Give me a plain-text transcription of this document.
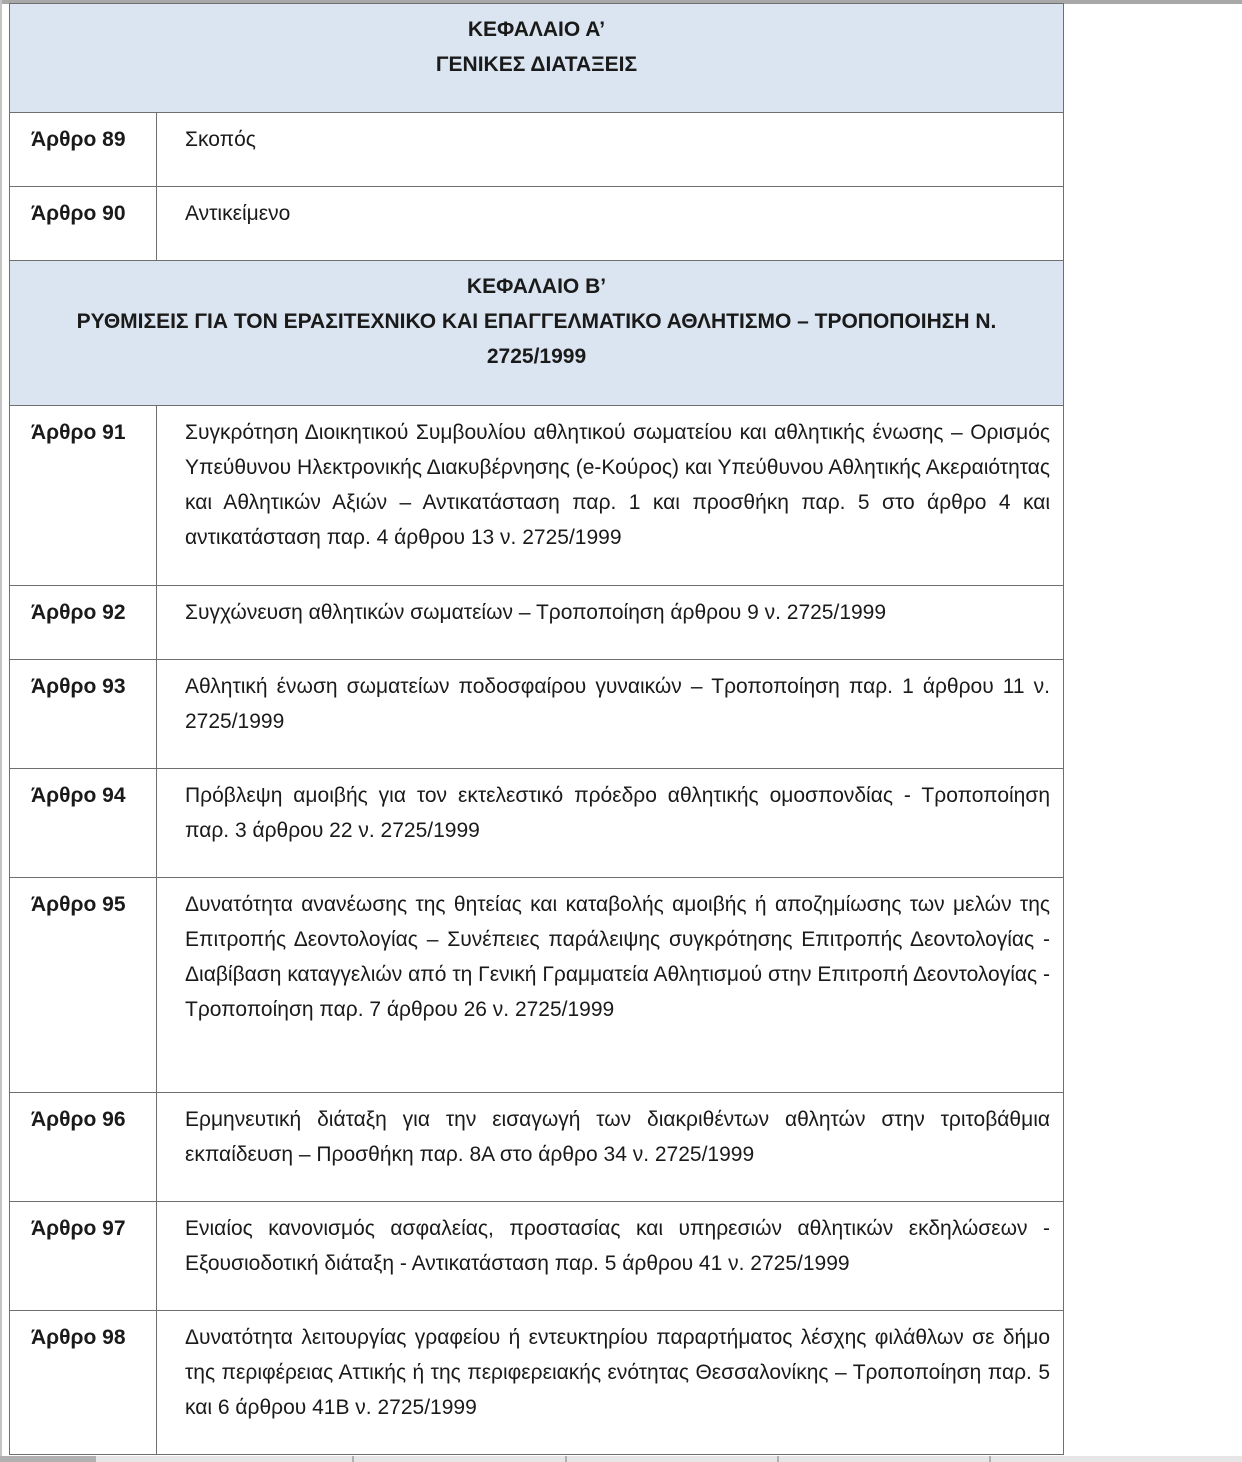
ΚΕΦΑΛΑΙΟ Α’
ΓΕΝΙΚΕΣ ΔΙΑΤΑΞΕΙΣ	

Άρθρο 89	Σκοπός
Άρθρο 90	Αντικείμενο

ΚΕΦΑΛΑΙΟ Β’
ΡΥΘΜΙΣΕΙΣ ΓΙΑ ΤΟΝ ΕΡΑΣΙΤΕΧΝΙΚΟ ΚΑΙ ΕΠΑΓΓΕΛΜΑΤΙΚΟ ΑΘΛΗΤΙΣΜΟ – ΤΡΟΠΟΠΟΙΗΣΗ Ν.
2725/1999	

Άρθρο 91	Συγκρότηση Διοικητικού Συμβουλίου αθλητικού σωματείου και αθλητικής ένωσης – Ορισμός Υπεύθυνου Ηλεκτρονικής Διακυβέρνησης (e-Κούρος) και Υπεύθυνου Αθλητικής Ακεραιότητας και Αθλητικών Αξιών – Αντικατάσταση παρ. 1 και προσθήκη παρ. 5 στο άρθρο 4 και αντικατάσταση παρ. 4 άρθρου 13 ν. 2725/1999
Άρθρο 92	Συγχώνευση αθλητικών σωματείων – Τροποποίηση άρθρου 9 ν. 2725/1999
Άρθρο 93	Αθλητική ένωση σωματείων ποδοσφαίρου γυναικών – Τροποποίηση παρ. 1 άρθρου 11 ν. 2725/1999
Άρθρο 94	Πρόβλεψη αμοιβής για τον εκτελεστικό πρόεδρο αθλητικής ομοσπονδίας - Τροποποίηση παρ. 3 άρθρου 22 ν. 2725/1999
Άρθρο 95	Δυνατότητα ανανέωσης της θητείας και καταβολής αμοιβής ή αποζημίωσης των μελών της Επιτροπής Δεοντολογίας – Συνέπειες παράλειψης συγκρότησης Επιτροπής Δεοντολογίας - Διαβίβαση καταγγελιών από τη Γενική Γραμματεία Αθλητισμού στην Επιτροπή Δεοντολογίας - Τροποποίηση παρ. 7 άρθρου 26 ν. 2725/1999
Άρθρο 96	Ερμηνευτική διάταξη για την εισαγωγή των διακριθέντων αθλητών στην τριτοβάθμια εκπαίδευση – Προσθήκη παρ. 8Α στο άρθρο 34 ν. 2725/1999
Άρθρο 97	Ενιαίος κανονισμός ασφαλείας, προστασίας και υπηρεσιών αθλητικών εκδηλώσεων - Εξουσιοδοτική διάταξη - Αντικατάσταση παρ. 5 άρθρου 41 ν. 2725/1999
Άρθρο 98	Δυνατότητα λειτουργίας γραφείου ή εντευκτηρίου παραρτήματος λέσχης φιλάθλων σε δήμο της περιφέρειας Αττικής ή της περιφερειακής ενότητας Θεσσαλονίκης – Τροποποίηση παρ. 5 και 6 άρθρου 41Β ν. 2725/1999
